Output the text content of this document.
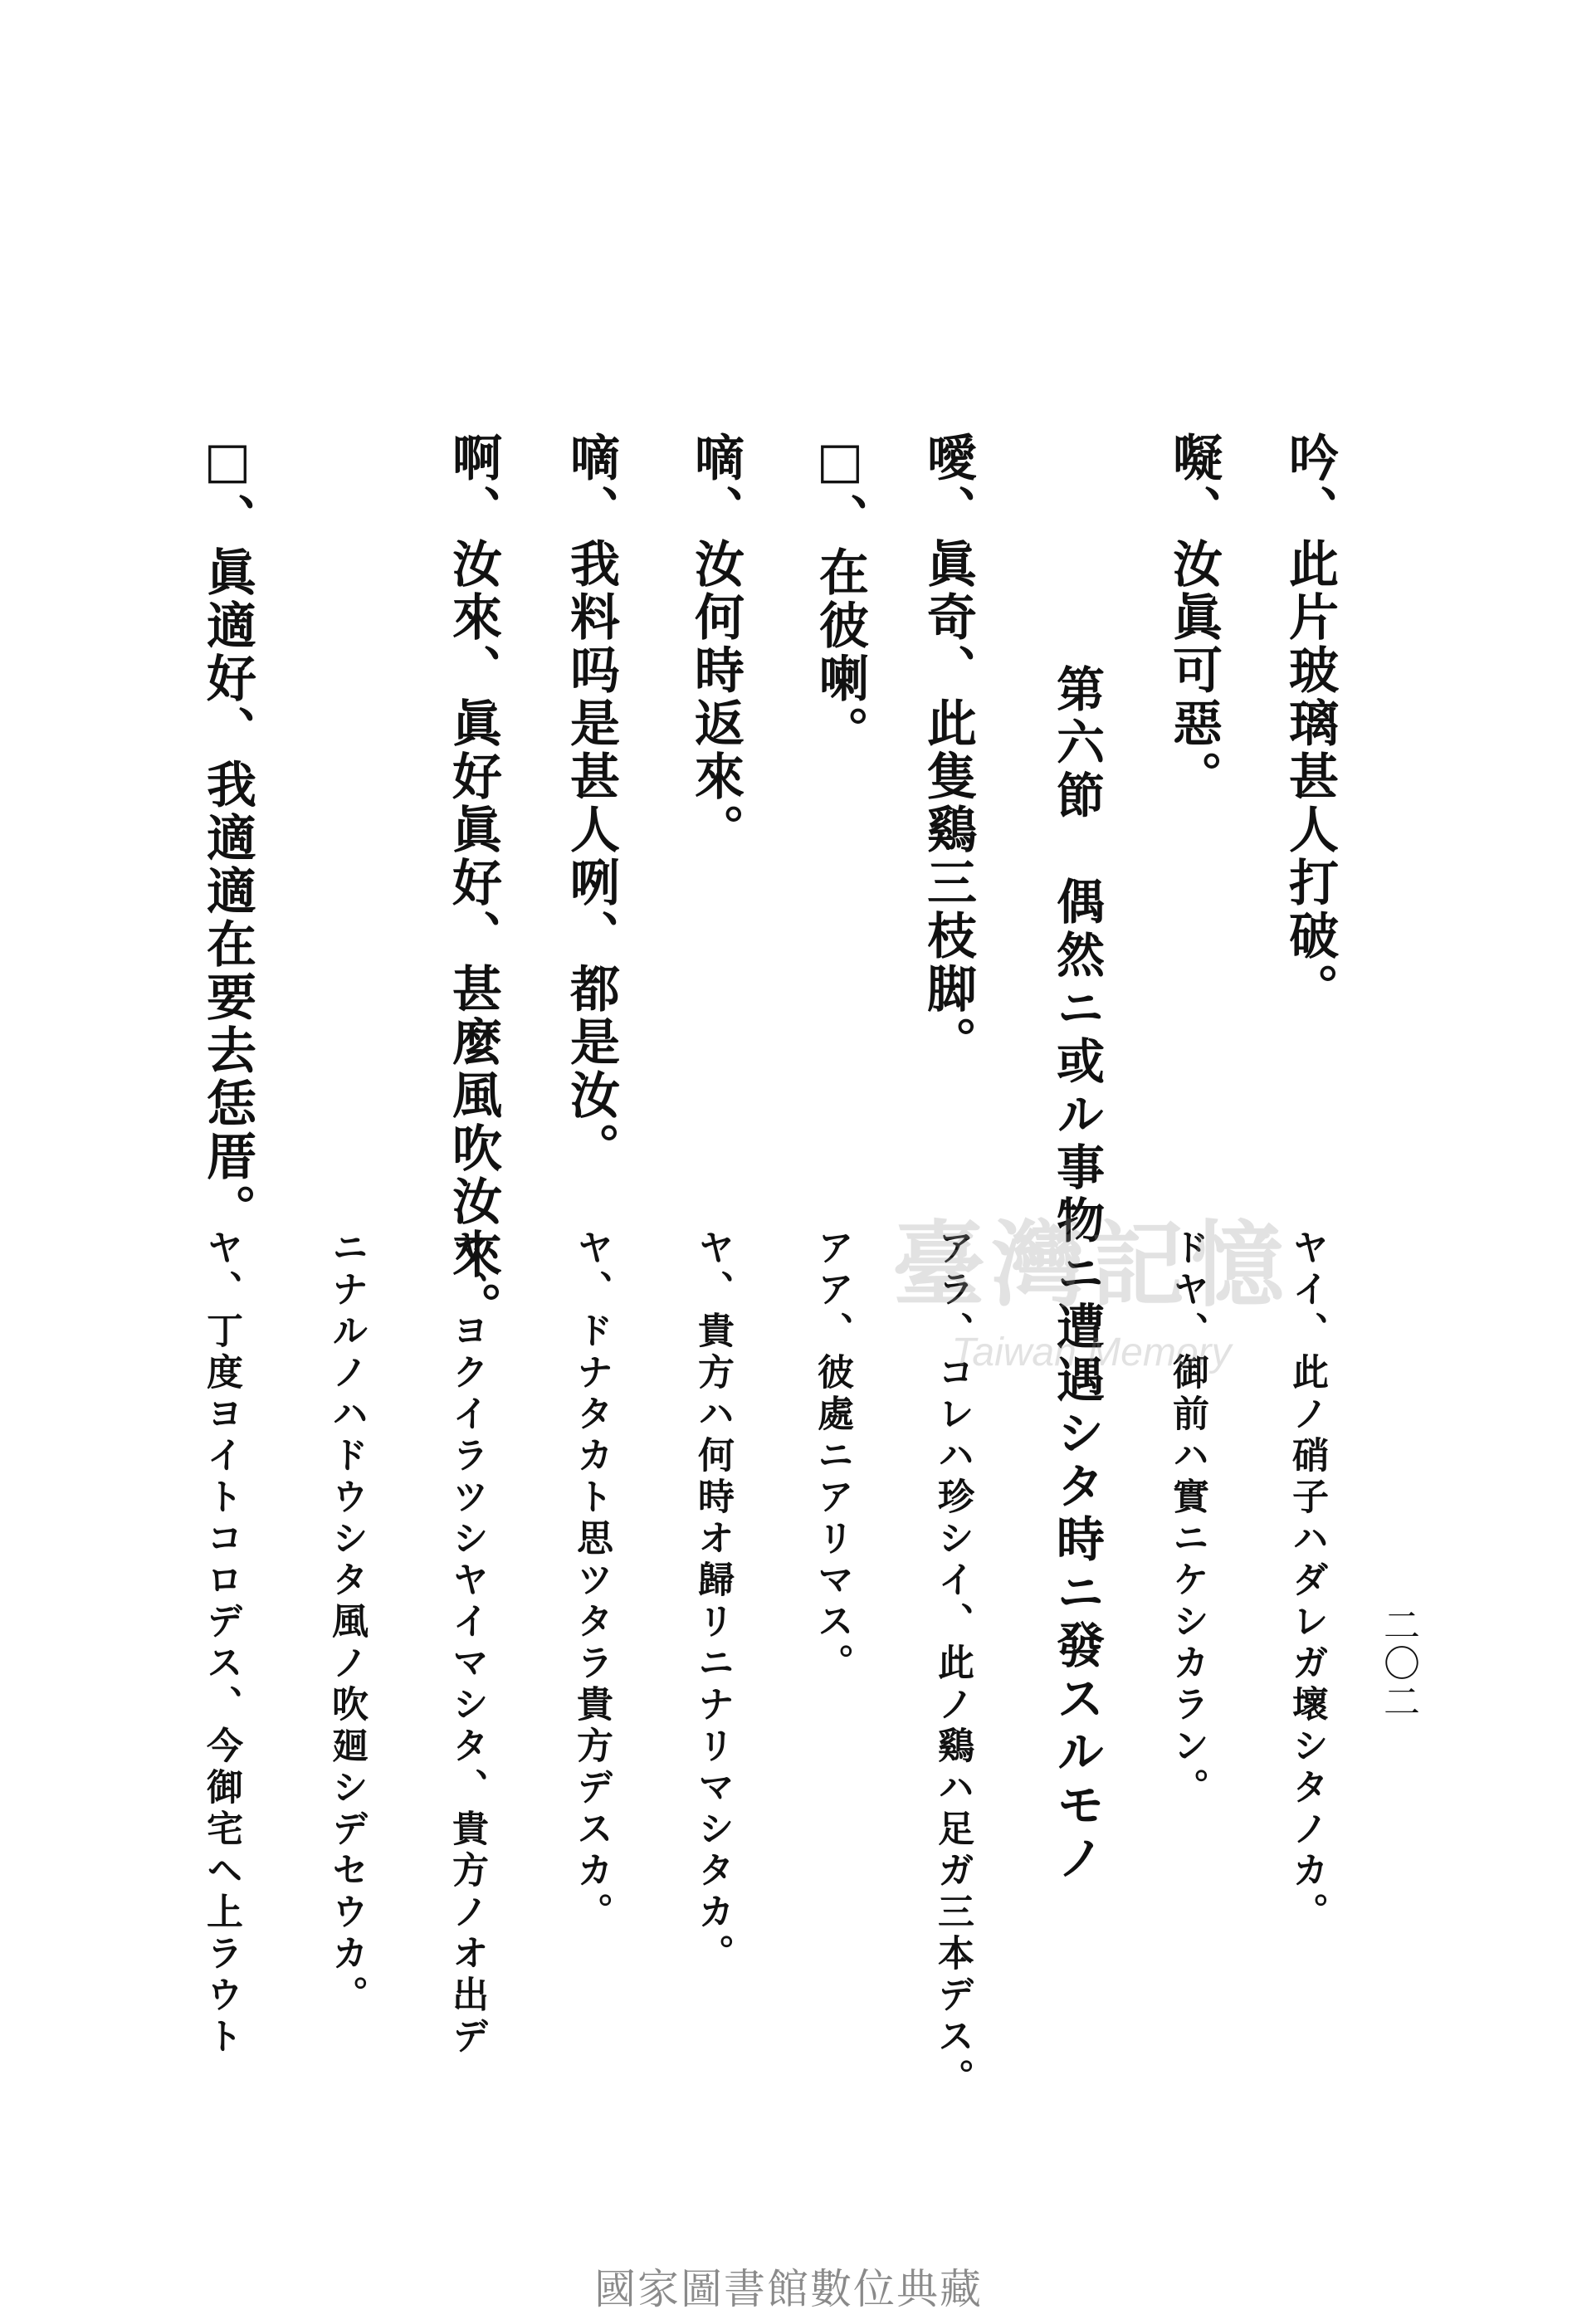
二〇二
吟、此片玻璃甚人打破。
㘈、汝眞可惡。
第六節　偶然ニ或ル事物ニ遭遇シタ時ニ發スルモノ
噯、眞奇、此隻鷄三枝脚。
□、在彼喇。
嘀、汝何時返來。
嘀、我料吗是甚人咧、都是汝。
啊、汝來、眞好眞好、甚麼風吹汝來。
□、眞適好、我適適在要去恁厝。
ヤイ、此ノ硝子ハダレガ壞シタノカ。
ドヤ、御前ハ實ニケシカラン。
アラ、コレハ珍シイ、此ノ鷄ハ足ガ三本デス。
アア、彼處ニアリマス。
ヤ、貴方ハ何時オ歸リニナリマシタカ。
ヤ、ドナタカト思ツタラ貴方デスカ。
ヤ、ヨクイラツシヤイマシタ、貴方ノオ出デ
ニナルノハドウシタ風ノ吹廻シデセウカ。
ヤ、丁度ヨイトコロデス、今御宅ヘ上ラウト	臺灣記憶
Taiwan Memory
國家圖書館數位典藏
